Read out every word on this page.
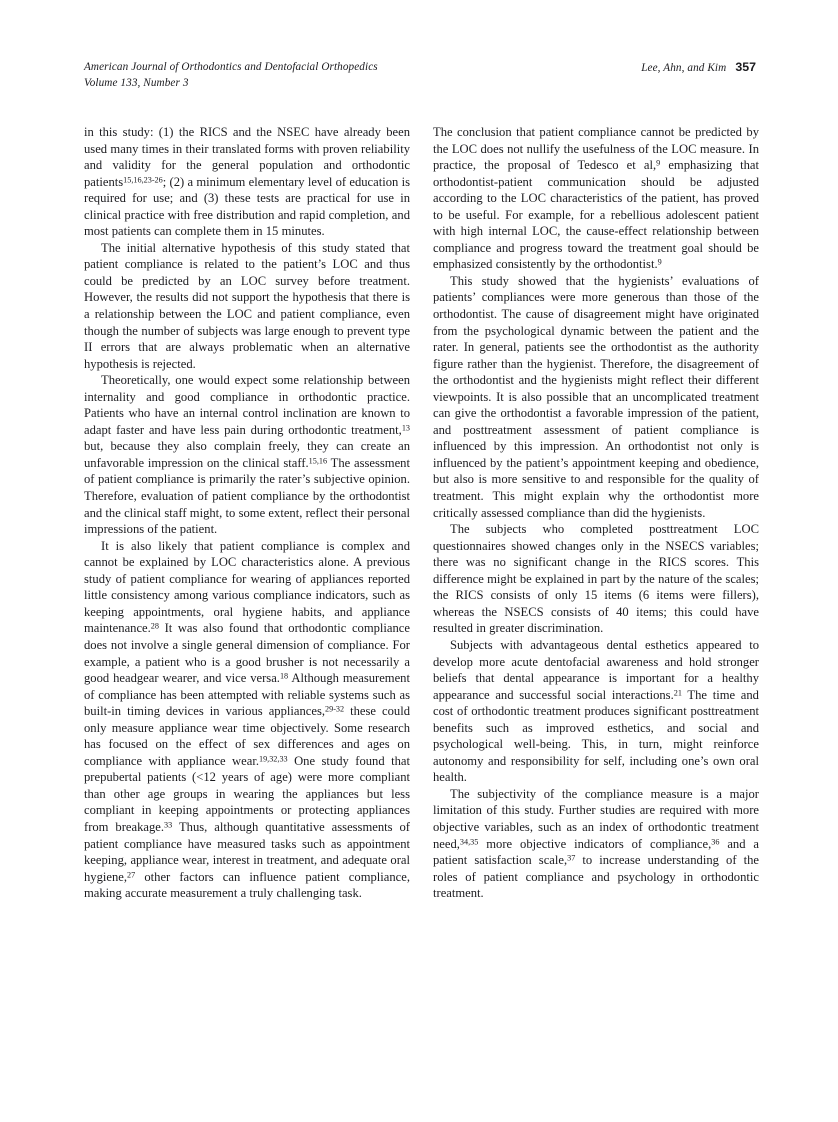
American Journal of Orthodontics and Dentofacial Orthopedics
Volume 133, Number 3
Lee, Ahn, and Kim 357

in this study: (1) the RICS and the NSEC have already been used many times in their translated forms with proven reliability and validity for the general population and orthodontic patients$^{15,16,23-26}$; (2) a minimum elementary level of education is required for use; and (3) these tests are practical for use in clinical practice with free distribution and rapid completion, and most patients can complete them in 15 minutes.

The initial alternative hypothesis of this study stated that patient compliance is related to the patient’s LOC and thus could be predicted by an LOC survey before treatment. However, the results did not support the hypothesis that there is a relationship between the LOC and patient compliance, even though the number of subjects was large enough to prevent type II errors that are always problematic when an alternative hypothesis is rejected.

Theoretically, one would expect some relationship between internality and good compliance in orthodontic practice. Patients who have an internal control inclination are known to adapt faster and have less pain during orthodontic treatment,$^{13}$ but, because they also complain freely, they can create an unfavorable impression on the clinical staff.$^{15,16}$ The assessment of patient compliance is primarily the rater’s subjective opinion. Therefore, evaluation of patient compliance by the orthodontist and the clinical staff might, to some extent, reflect their personal impressions of the patient.

It is also likely that patient compliance is complex and cannot be explained by LOC characteristics alone. A previous study of patient compliance for wearing of appliances reported little consistency among various compliance indicators, such as keeping appointments, oral hygiene habits, and appliance maintenance.$^{28}$ It was also found that orthodontic compliance does not involve a single general dimension of compliance. For example, a patient who is a good brusher is not necessarily a good headgear wearer, and vice versa.$^{18}$ Although measurement of compliance has been attempted with reliable systems such as built-in timing devices in various appliances,$^{29-32}$ these could only measure appliance wear time objectively. Some research has focused on the effect of sex differences and ages on compliance with appliance wear.$^{19,32,33}$ One study found that prepubertal patients (<12 years of age) were more compliant than other age groups in wearing the appliances but less compliant in keeping appointments or protecting appliances from breakage.$^{33}$ Thus, although quantitative assessments of patient compliance have measured tasks such as appointment keeping, appliance wear, interest in treatment, and adequate oral hygiene,$^{27}$ other factors can influence patient compliance, making accurate measurement a truly challenging task.

The conclusion that patient compliance cannot be predicted by the LOC does not nullify the usefulness of the LOC measure. In practice, the proposal of Tedesco et al,$^9$ emphasizing that orthodontist-patient communication should be adjusted according to the LOC characteristics of the patient, has proved to be useful. For example, for a rebellious adolescent patient with high internal LOC, the cause-effect relationship between compliance and progress toward the treatment goal should be emphasized consistently by the orthodontist.$^9$

This study showed that the hygienists’ evaluations of patients’ compliances were more generous than those of the orthodontist. The cause of disagreement might have originated from the psychological dynamic between the patient and the rater. In general, patients see the orthodontist as the authority figure rather than the hygienist. Therefore, the disagreement of the orthodontist and the hygienists might reflect their different viewpoints. It is also possible that an uncomplicated treatment can give the orthodontist a favorable impression of the patient, and posttreatment assessment of patient compliance is influenced by this impression. An orthodontist not only is influenced by the patient’s appointment keeping and obedience, but also is more sensitive to and responsible for the quality of treatment. This might explain why the orthodontist more critically assessed compliance than did the hygienists.

The subjects who completed posttreatment LOC questionnaires showed changes only in the NSECS variables; there was no significant change in the RICS scores. This difference might be explained in part by the nature of the scales; the RICS consists of only 15 items (6 items were fillers), whereas the NSECS consists of 40 items; this could have resulted in greater discrimination.

Subjects with advantageous dental esthetics appeared to develop more acute dentofacial awareness and hold stronger beliefs that dental appearance is important for a healthy appearance and successful social interactions.$^{21}$ The time and cost of orthodontic treatment produces significant posttreatment benefits such as improved esthetics, and social and psychological well-being. This, in turn, might reinforce autonomy and responsibility for self, including one’s own oral health.

The subjectivity of the compliance measure is a major limitation of this study. Further studies are required with more objective variables, such as an index of orthodontic treatment need,$^{34,35}$ more objective indicators of compliance,$^{36}$ and a patient satisfaction scale,$^{37}$ to increase understanding of the roles of patient compliance and psychology in orthodontic treatment.
